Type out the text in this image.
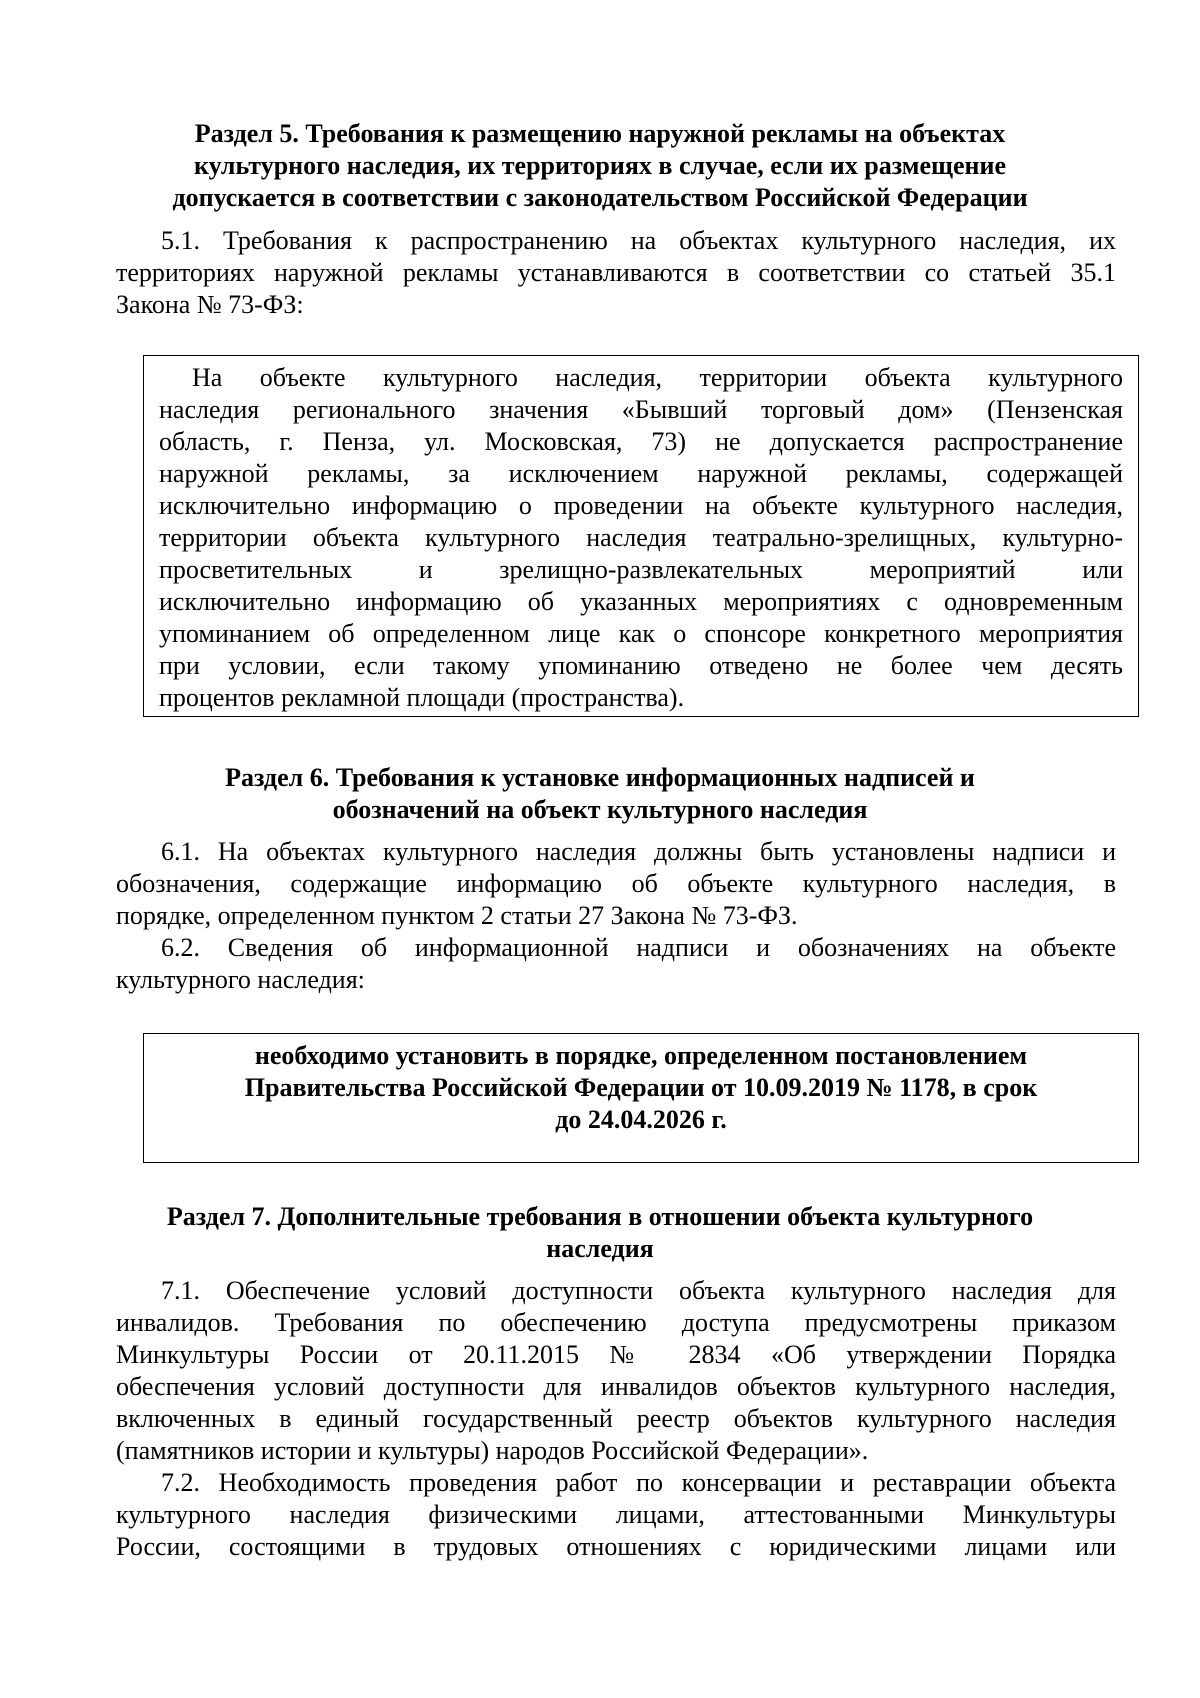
Раздел 5. Требования к размещению наружной рекламы на объектах
культурного наследия, их территориях в случае, если их размещение
допускается в соответствии с законодательством Российской Федерации
5.1. Требования к распространению на объектах культурного наследия, их
территориях наружной рекламы устанавливаются в соответствии со статьей 35.1
Закона № 73-ФЗ:
На объекте культурного наследия, территории объекта культурного
наследия регионального значения «Бывший торговый дом» (Пензенская
область, г. Пенза, ул. Московская, 73) не допускается распространение
наружной рекламы, за исключением наружной рекламы, содержащей
исключительно информацию о проведении на объекте культурного наследия,
территории объекта культурного наследия театрально-зрелищных, культурно-
просветительных и зрелищно-развлекательных мероприятий или
исключительно информацию об указанных мероприятиях с одновременным
упоминанием об определенном лице как о спонсоре конкретного мероприятия
при условии, если такому упоминанию отведено не более чем десять
процентов рекламной площади (пространства).
Раздел 6. Требования к установке информационных надписей и
обозначений на объект культурного наследия
6.1. На объектах культурного наследия должны быть установлены надписи и
обозначения, содержащие информацию об объекте культурного наследия, в
порядке, определенном пунктом 2 статьи 27 Закона № 73-ФЗ.
6.2. Сведения об информационной надписи и обозначениях на объекте
культурного наследия:
необходимо установить в порядке, определенном постановлением
Правительства Российской Федерации от 10.09.2019 № 1178, в срок
до 24.04.2026 г.
Раздел 7. Дополнительные требования в отношении объекта культурного
наследия
7.1. Обеспечение условий доступности объекта культурного наследия для
инвалидов. Требования по обеспечению доступа предусмотрены приказом
Минкультуры России от 20.11.2015 № 2834 «Об утверждении Порядка
обеспечения условий доступности для инвалидов объектов культурного наследия,
включенных в единый государственный реестр объектов культурного наследия
(памятников истории и культуры) народов Российской Федерации».
7.2. Необходимость проведения работ по консервации и реставрации объекта
культурного наследия физическими лицами, аттестованными Минкультуры
России, состоящими в трудовых отношениях с юридическими лицами или
